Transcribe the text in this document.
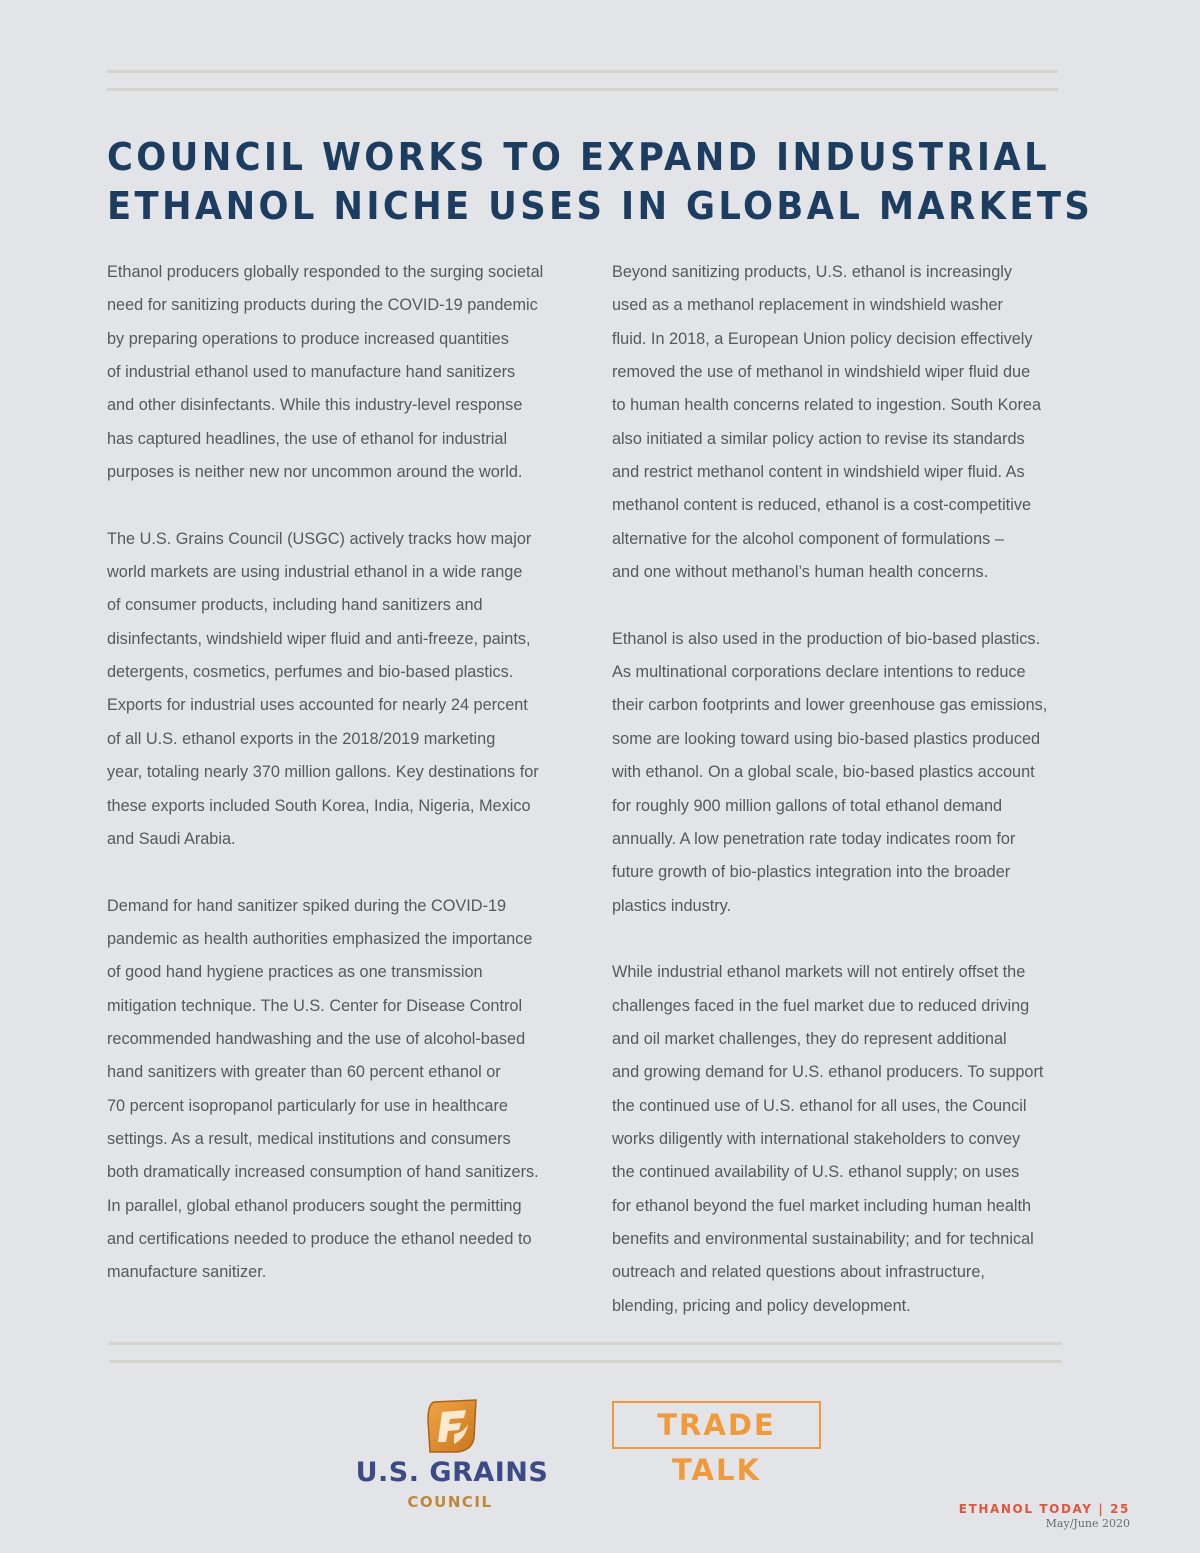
COUNCIL WORKS TO EXPAND INDUSTRIAL
ETHANOL NICHE USES IN GLOBAL MARKETS

Ethanol producers globally responded to the surging societal
need for sanitizing products during the COVID-19 pandemic
by preparing operations to produce increased quantities
of industrial ethanol used to manufacture hand sanitizers
and other disinfectants. While this industry-level response
has captured headlines, the use of ethanol for industrial
purposes is neither new nor uncommon around the world.

The U.S. Grains Council (USGC) actively tracks how major
world markets are using industrial ethanol in a wide range
of consumer products, including hand sanitizers and
disinfectants, windshield wiper fluid and anti-freeze, paints,
detergents, cosmetics, perfumes and bio-based plastics.
Exports for industrial uses accounted for nearly 24 percent
of all U.S. ethanol exports in the 2018/2019 marketing
year, totaling nearly 370 million gallons. Key destinations for
these exports included South Korea, India, Nigeria, Mexico
and Saudi Arabia.

Demand for hand sanitizer spiked during the COVID-19
pandemic as health authorities emphasized the importance
of good hand hygiene practices as one transmission
mitigation technique. The U.S. Center for Disease Control
recommended handwashing and the use of alcohol-based
hand sanitizers with greater than 60 percent ethanol or
70 percent isopropanol particularly for use in healthcare
settings. As a result, medical institutions and consumers
both dramatically increased consumption of hand sanitizers.
In parallel, global ethanol producers sought the permitting
and certifications needed to produce the ethanol needed to
manufacture sanitizer.

Beyond sanitizing products, U.S. ethanol is increasingly
used as a methanol replacement in windshield washer
fluid. In 2018, a European Union policy decision effectively
removed the use of methanol in windshield wiper fluid due
to human health concerns related to ingestion. South Korea
also initiated a similar policy action to revise its standards
and restrict methanol content in windshield wiper fluid. As
methanol content is reduced, ethanol is a cost-competitive
alternative for the alcohol component of formulations –
and one without methanol’s human health concerns.

Ethanol is also used in the production of bio-based plastics.
As multinational corporations declare intentions to reduce
their carbon footprints and lower greenhouse gas emissions,
some are looking toward using bio-based plastics produced
with ethanol. On a global scale, bio-based plastics account
for roughly 900 million gallons of total ethanol demand
annually. A low penetration rate today indicates room for
future growth of bio-plastics integration into the broader
plastics industry.

While industrial ethanol markets will not entirely offset the
challenges faced in the fuel market due to reduced driving
and oil market challenges, they do represent additional
and growing demand for U.S. ethanol producers. To support
the continued use of U.S. ethanol for all uses, the Council
works diligently with international stakeholders to convey
the continued availability of U.S. ethanol supply; on uses
for ethanol beyond the fuel market including human health
benefits and environmental sustainability; and for technical
outreach and related questions about infrastructure,
blending, pricing and policy development.

U.S. GRAINS
COUNCIL
TRADE TALK
ETHANOL TODAY | 25
May/June 2020
